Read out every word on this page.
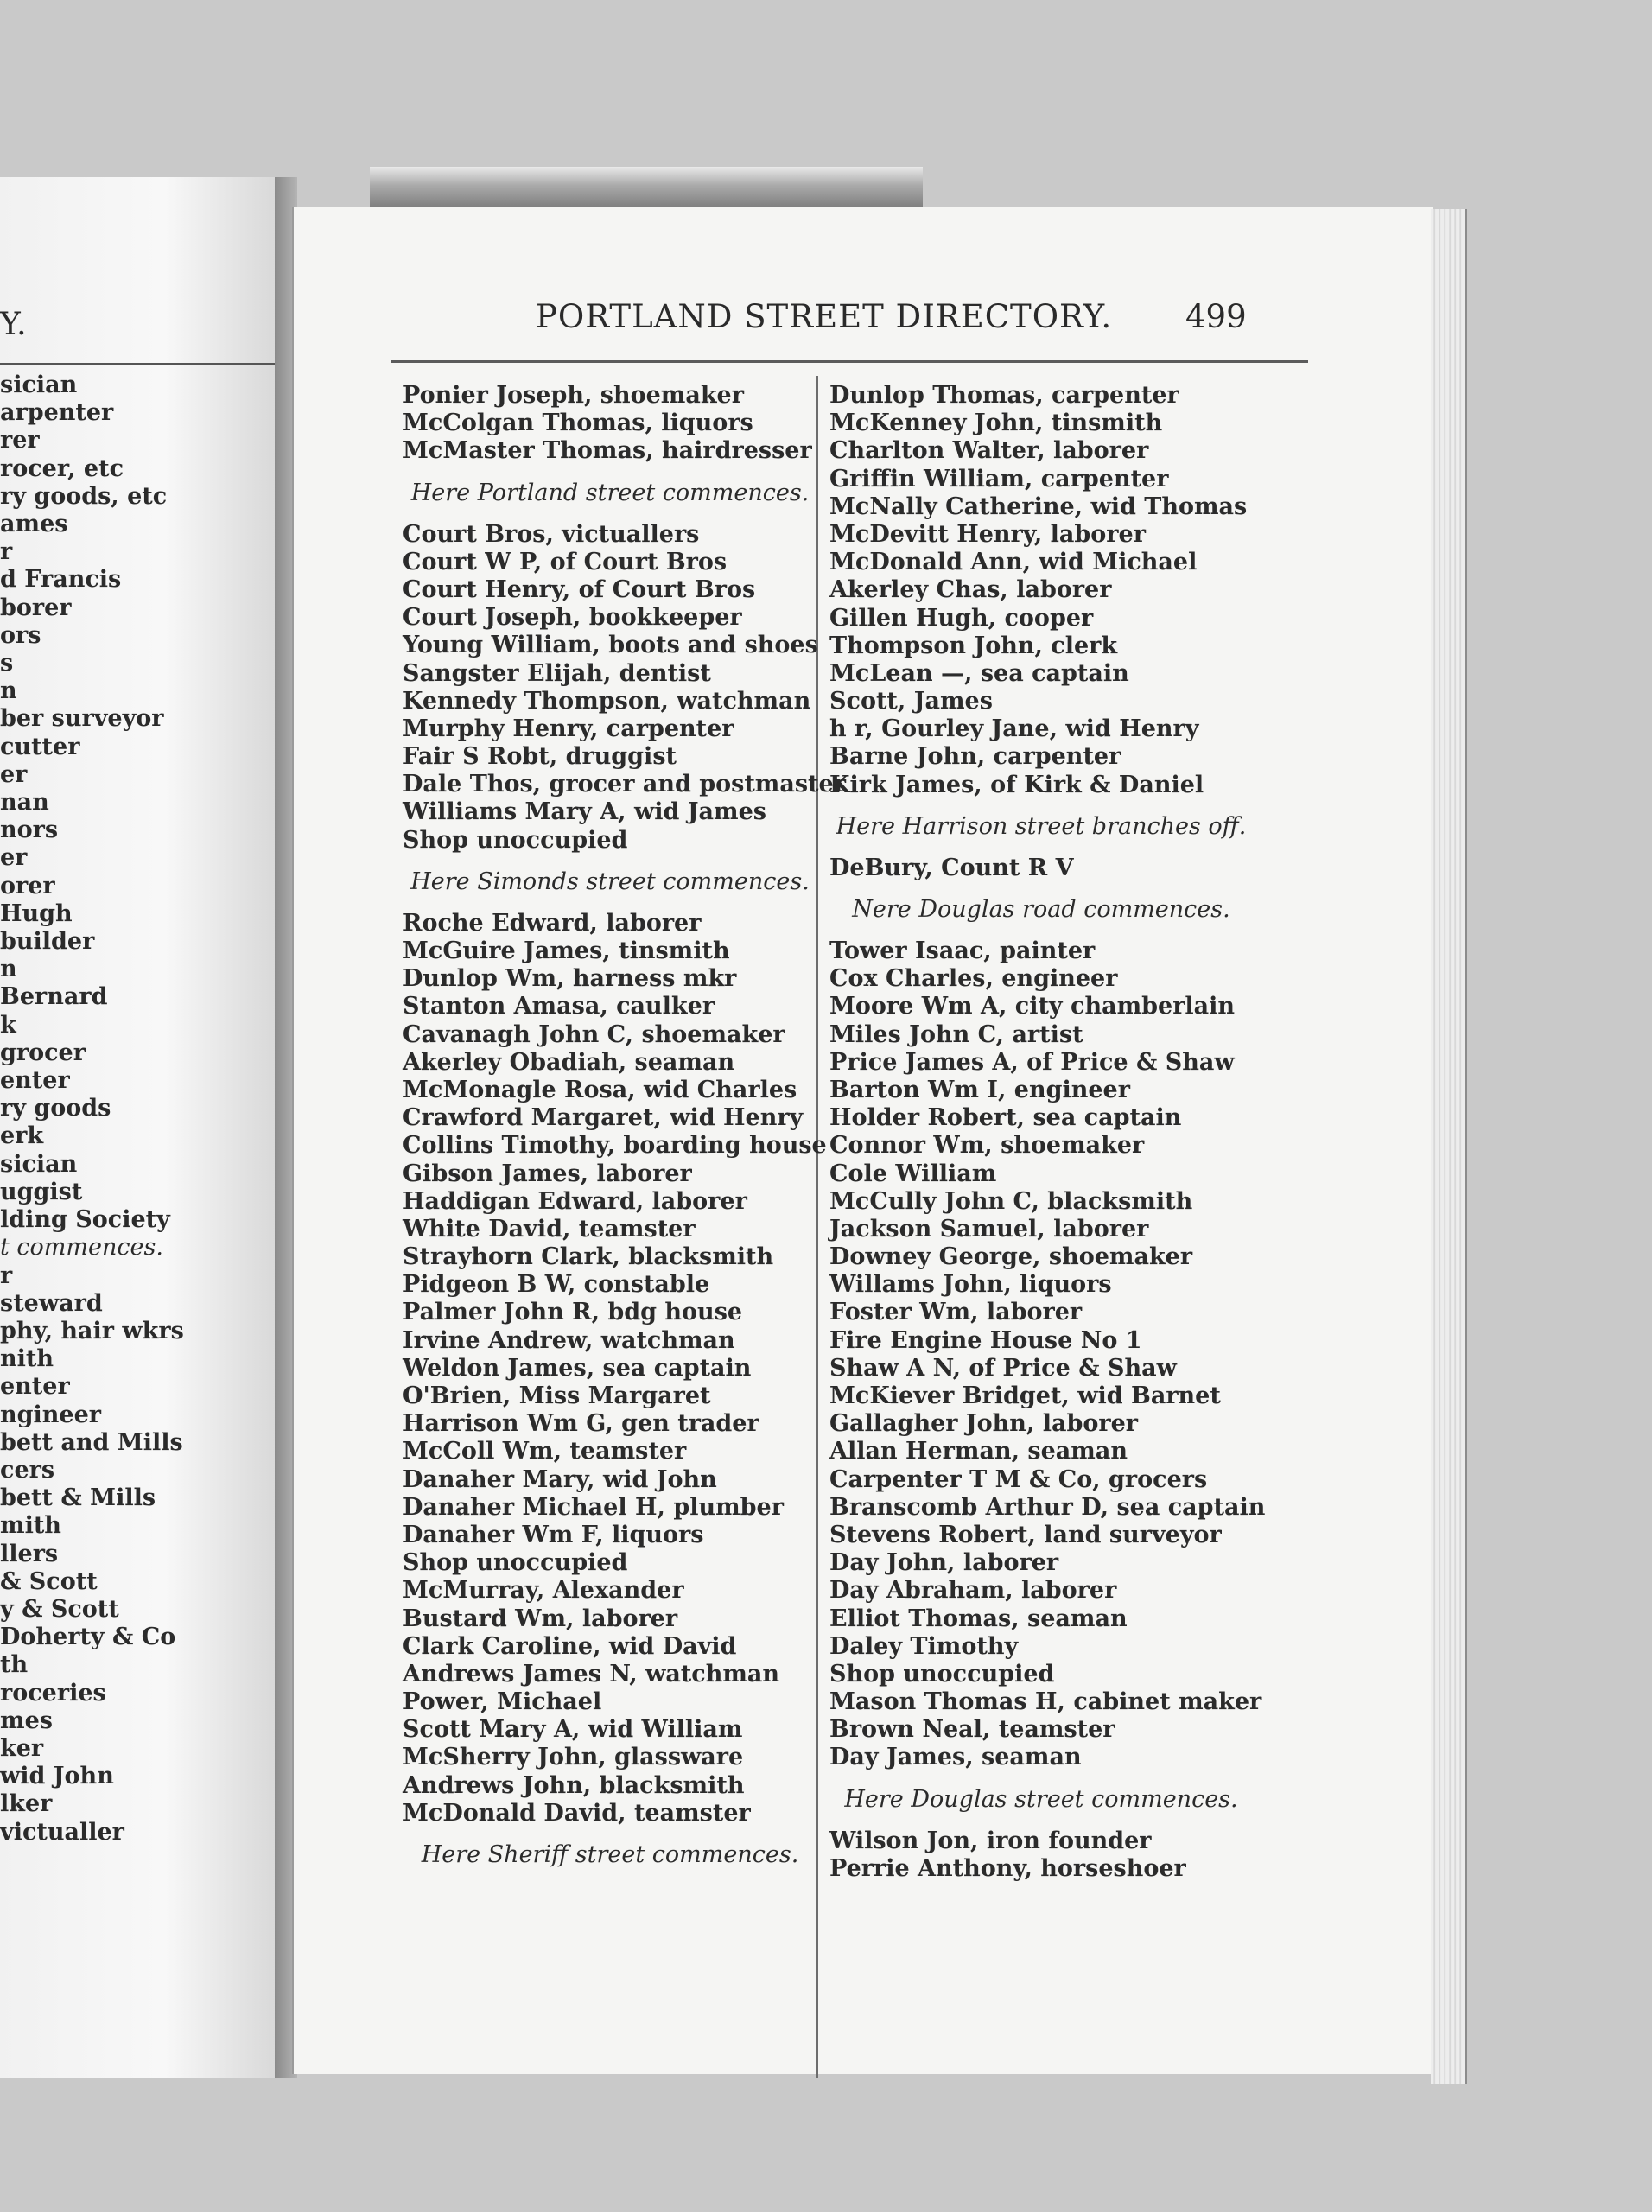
Y.
sician
arpenter
rer
rocer, etc
ry goods, etc
ames
r
d Francis
borer
ors
s
n
ber surveyor
cutter
er
nan
nors
er
orer
Hugh
builder
n
Bernard
k
grocer
enter
ry goods
erk
sician
uggist
lding Society
t commences.
r
steward
phy, hair wkrs
nith
enter
ngineer
bett and Mills
cers
bett & Mills
mith
llers
& Scott
y & Scott
Doherty & Co
th
roceries
mes
ker
wid John
lker
victualler
PORTLAND STREET DIRECTORY. 499
Ponier Joseph, shoemaker
McColgan Thomas, liquors
McMaster Thomas, hairdresser
Here Portland street commences.
Court Bros, victuallers
Court W P, of Court Bros
Court Henry, of Court Bros
Court Joseph, bookkeeper
Young William, boots and shoes
Sangster Elijah, dentist
Kennedy Thompson, watchman
Murphy Henry, carpenter
Fair S Robt, druggist
Dale Thos, grocer and postmaster
Williams Mary A, wid James
Shop unoccupied
Here Simonds street commences.
Roche Edward, laborer
McGuire James, tinsmith
Dunlop Wm, harness mkr
Stanton Amasa, caulker
Cavanagh John C, shoemaker
Akerley Obadiah, seaman
McMonagle Rosa, wid Charles
Crawford Margaret, wid Henry
Collins Timothy, boarding house
Gibson James, laborer
Haddigan Edward, laborer
White David, teamster
Strayhorn Clark, blacksmith
Pidgeon B W, constable
Palmer John R, bdg house
Irvine Andrew, watchman
Weldon James, sea captain
O'Brien, Miss Margaret
Harrison Wm G, gen trader
McColl Wm, teamster
Danaher Mary, wid John
Danaher Michael H, plumber
Danaher Wm F, liquors
Shop unoccupied
McMurray, Alexander
Bustard Wm, laborer
Clark Caroline, wid David
Andrews James N, watchman
Power, Michael
Scott Mary A, wid William
McSherry John, glassware
Andrews John, blacksmith
McDonald David, teamster
Here Sheriff street commences.
Dunlop Thomas, carpenter
McKenney John, tinsmith
Charlton Walter, laborer
Griffin William, carpenter
McNally Catherine, wid Thomas
McDevitt Henry, laborer
McDonald Ann, wid Michael
Akerley Chas, laborer
Gillen Hugh, cooper
Thompson John, clerk
McLean —, sea captain
Scott, James
h r, Gourley Jane, wid Henry
Barne John, carpenter
Kirk James, of Kirk & Daniel
Here Harrison street branches off.
DeBury, Count R V
Nere Douglas road commences.
Tower Isaac, painter
Cox Charles, engineer
Moore Wm A, city chamberlain
Miles John C, artist
Price James A, of Price & Shaw
Barton Wm I, engineer
Holder Robert, sea captain
Connor Wm, shoemaker
Cole William
McCully John C, blacksmith
Jackson Samuel, laborer
Downey George, shoemaker
Willams John, liquors
Foster Wm, laborer
Fire Engine House No 1
Shaw A N, of Price & Shaw
McKiever Bridget, wid Barnet
Gallagher John, laborer
Allan Herman, seaman
Carpenter T M & Co, grocers
Branscomb Arthur D, sea captain
Stevens Robert, land surveyor
Day John, laborer
Day Abraham, laborer
Elliot Thomas, seaman
Daley Timothy
Shop unoccupied
Mason Thomas H, cabinet maker
Brown Neal, teamster
Day James, seaman
Here Douglas street commences.
Wilson Jon, iron founder
Perrie Anthony, horseshoer
